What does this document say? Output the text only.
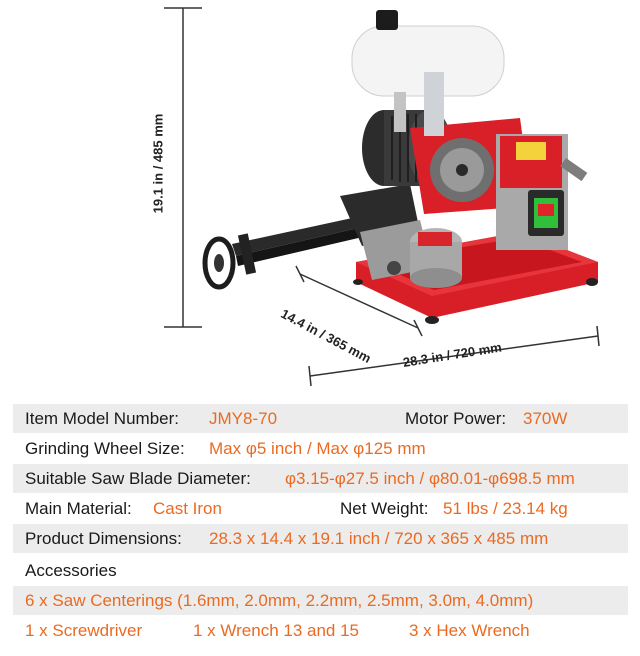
19.1 in / 485 mm
14.4 in / 365 mm 28.3 in / 720 mm
Item Model Number: JMY8-70	Motor Power: 370W
Grinding Wheel Size: Max φ5 inch / Max φ125 mm
Suitable Saw Blade Diameter: φ3.15-φ27.5 inch / φ80.01-φ698.5 mm
Main Material: Cast Iron	Net Weight: 51 lbs / 23.14 kg
Product Dimensions: 28.3 x 14.4 x 19.1 inch / 720 x 365 x 485 mm
Accessories
6 x Saw Centerings (1.6mm, 2.0mm, 2.2mm, 2.5mm, 3.0m, 4.0mm)
1 x Screwdriver	1 x Wrench 13 and 15	3 x Hex Wrench
